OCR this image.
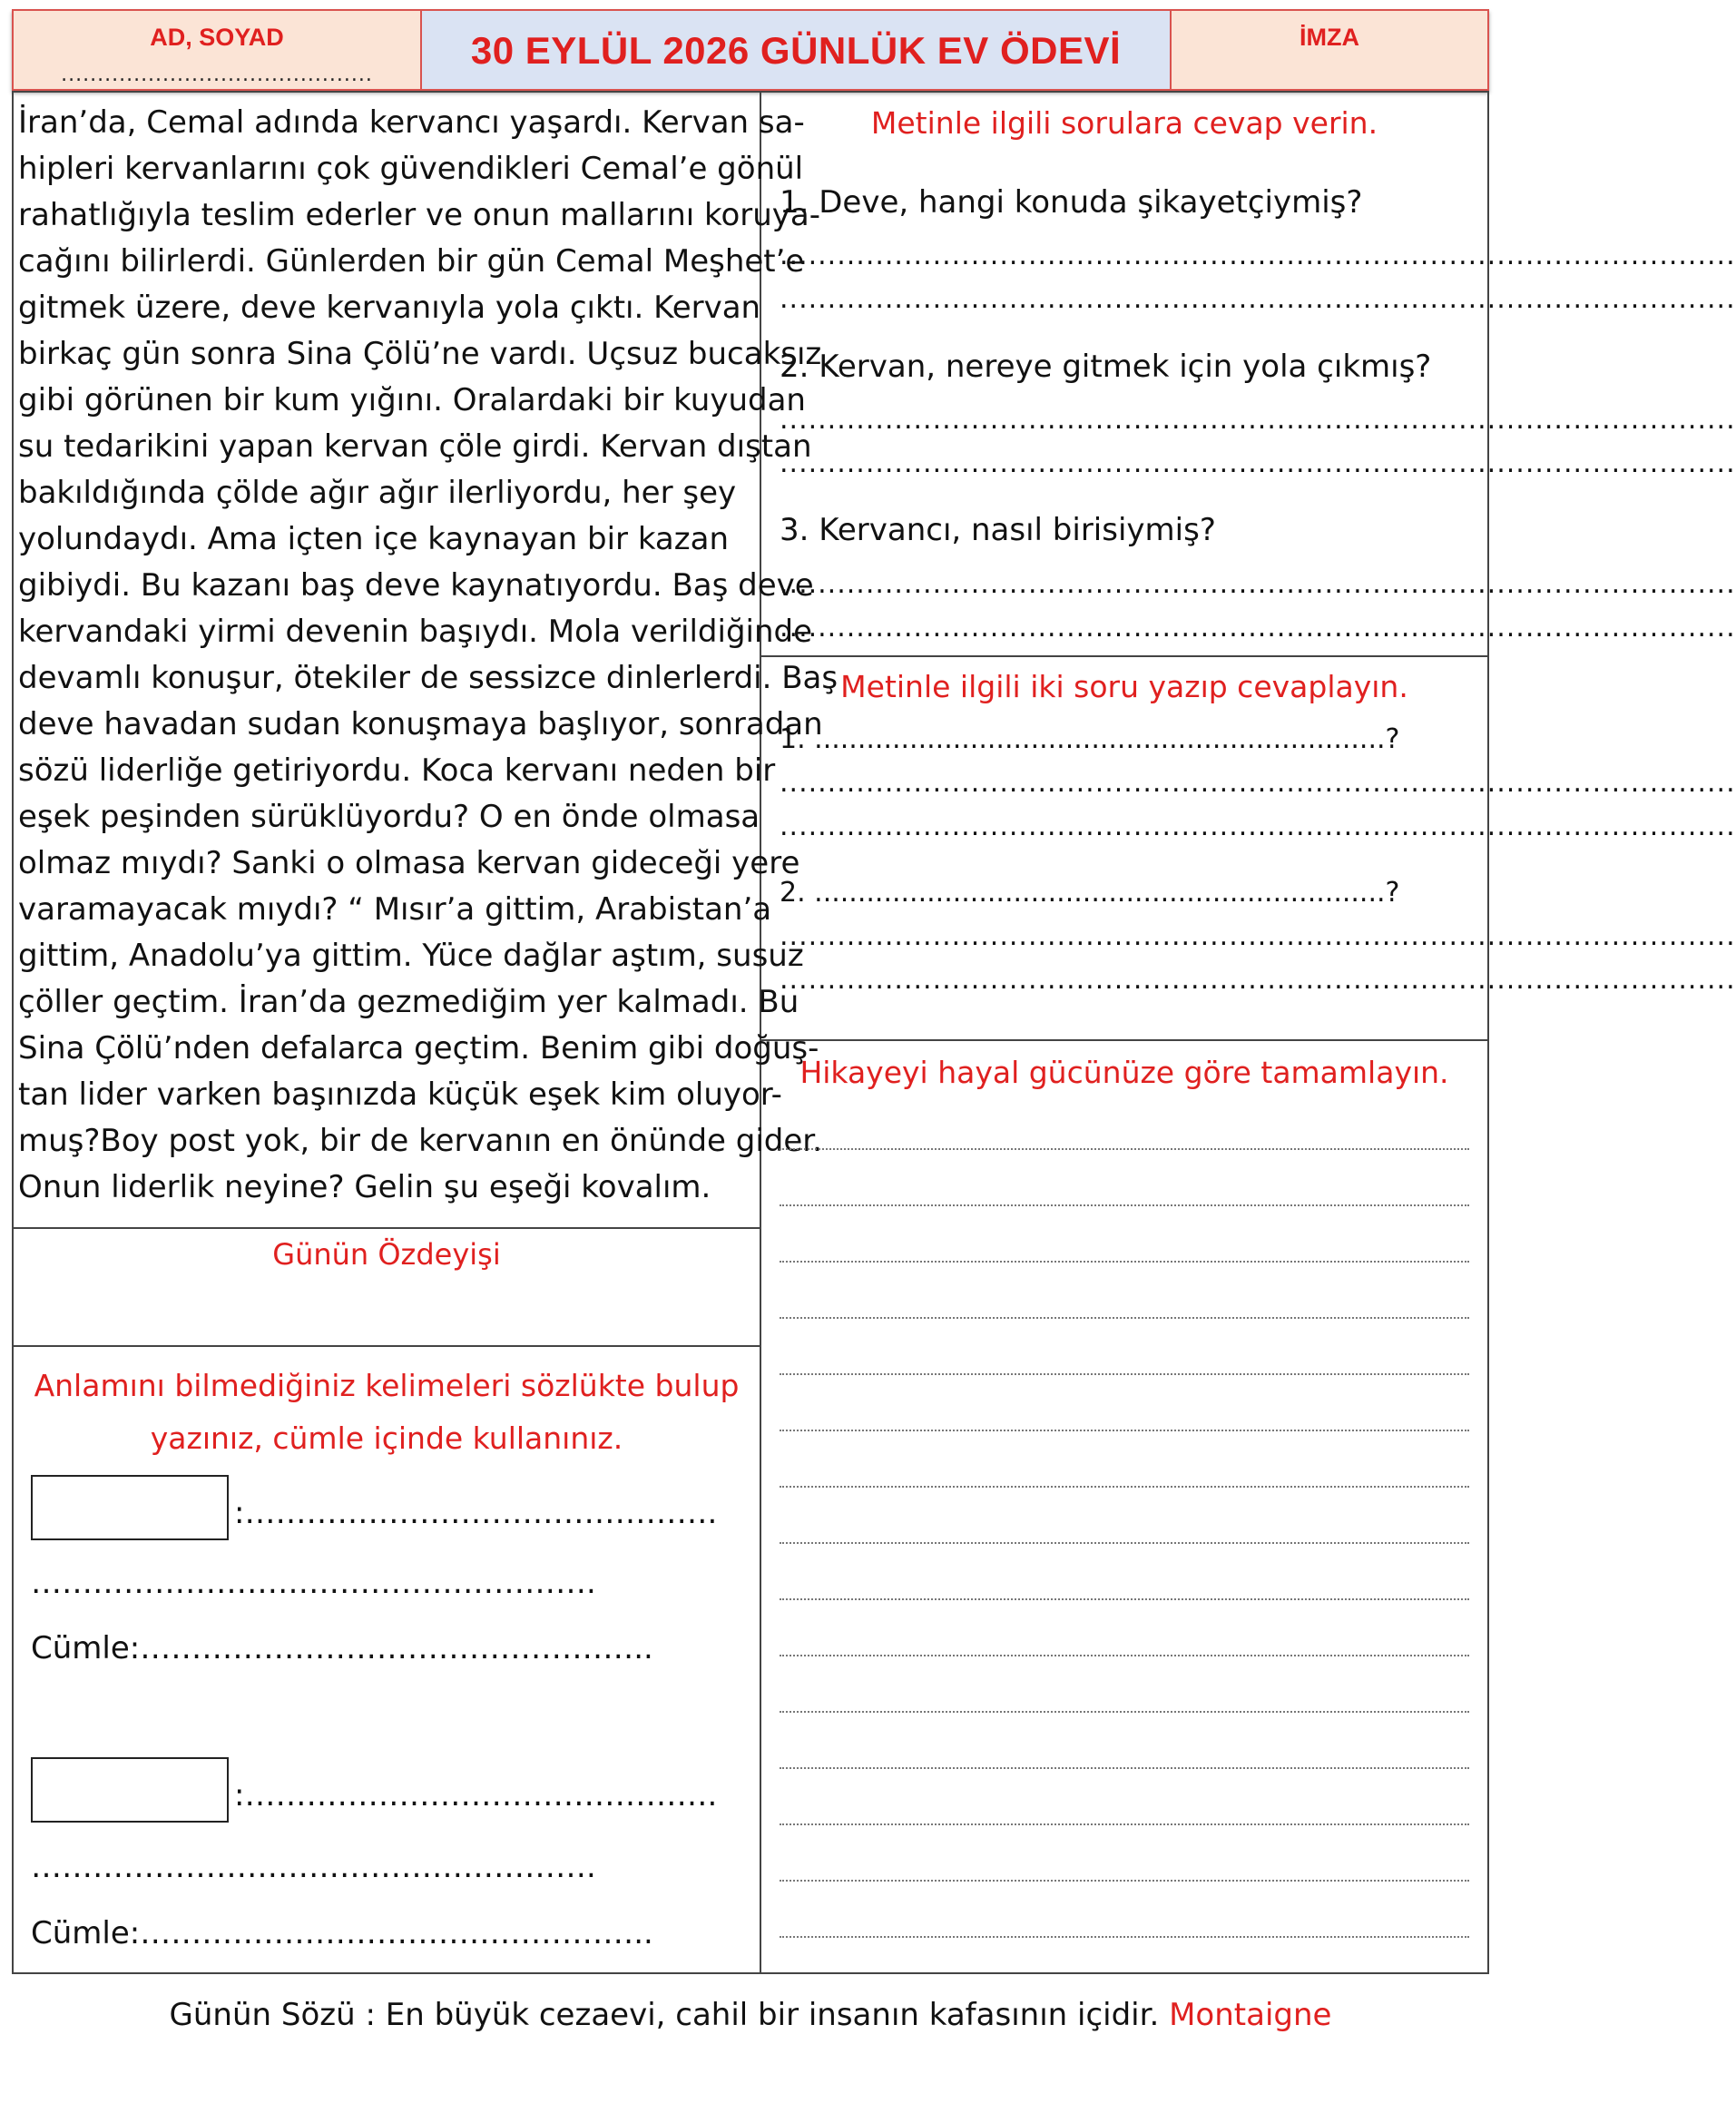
AD, SOYAD
...........................................
30 EYLÜL 2026 GÜNLÜK EV ÖDEVİ	İMZA
İran’da, Cemal adında kervancı yaşardı. Kervan sa-
hipleri kervanlarını çok güvendikleri Cemal’e gönül
rahatlığıyla teslim ederler ve onun mallarını koruya-
cağını bilirlerdi. Günlerden bir gün Cemal Meşhet’e
gitmek üzere, deve kervanıyla yola çıktı. Kervan
birkaç gün sonra Sina Çölü’ne vardı. Uçsuz bucaksız
gibi görünen bir kum yığını. Oralardaki bir kuyudan
su tedarikini yapan kervan çöle girdi. Kervan dıştan
bakıldığında çölde ağır ağır ilerliyordu, her şey
yolundaydı. Ama içten içe kaynayan bir kazan
gibiydi. Bu kazanı baş deve kaynatıyordu. Baş deve
kervandaki yirmi devenin başıydı. Mola verildiğinde
devamlı konuşur, ötekiler de sessizce dinlerlerdi. Baş
deve havadan sudan konuşmaya başlıyor, sonradan
sözü liderliğe getiriyordu. Koca kervanı neden bir
eşek peşinden sürüklüyordu? O en önde olmasa
olmaz mıydı? Sanki o olmasa kervan gideceği yere
varamayacak mıydı? “ Mısır’a gittim, Arabistan’a
gittim, Anadolu’ya gittim. Yüce dağlar aştım, susuz
çöller geçtim. İran’da gezmediğim yer kalmadı. Bu
Sina Çölü’nden defalarca geçtim. Benim gibi doğuş-
tan lider varken başınızda küçük eşek kim oluyor-
muş?Boy post yok, bir de kervanın en önünde gider.
Onun liderlik neyine? Gelin şu eşeği kovalım.
Günün Özdeyişi
Anlamını bilmediğiniz kelimeleri sözlükte bulup
yazınız, cümle içinde kullanınız.
:……………………………………….
……………………………………………….
Cümle:…………………………………………..
:……………………………………….
……………………………………………….
Cümle:…………………………………………..
Metinle ilgili sorulara cevap verin.
1. Deve, hangi konuda şikayetçiymiş?
....................................................................................................
....................................................................................................
2. Kervan, nereye gitmek için yola çıkmış?
....................................................................................................
....................................................................................................
3. Kervancı, nasıl birisiymiş?
....................................................................................................
....................................................................................................
Metinle ilgili iki soru yazıp cevaplayın.
1. ..................................................................?
....................................................................................................
....................................................................................................
2. ..................................................................?
....................................................................................................
....................................................................................................
Hikayeyi hayal gücünüze göre tamamlayın.
Günün Sözü : En büyük cezaevi, cahil bir insanın kafasının içidir. Montaigne
